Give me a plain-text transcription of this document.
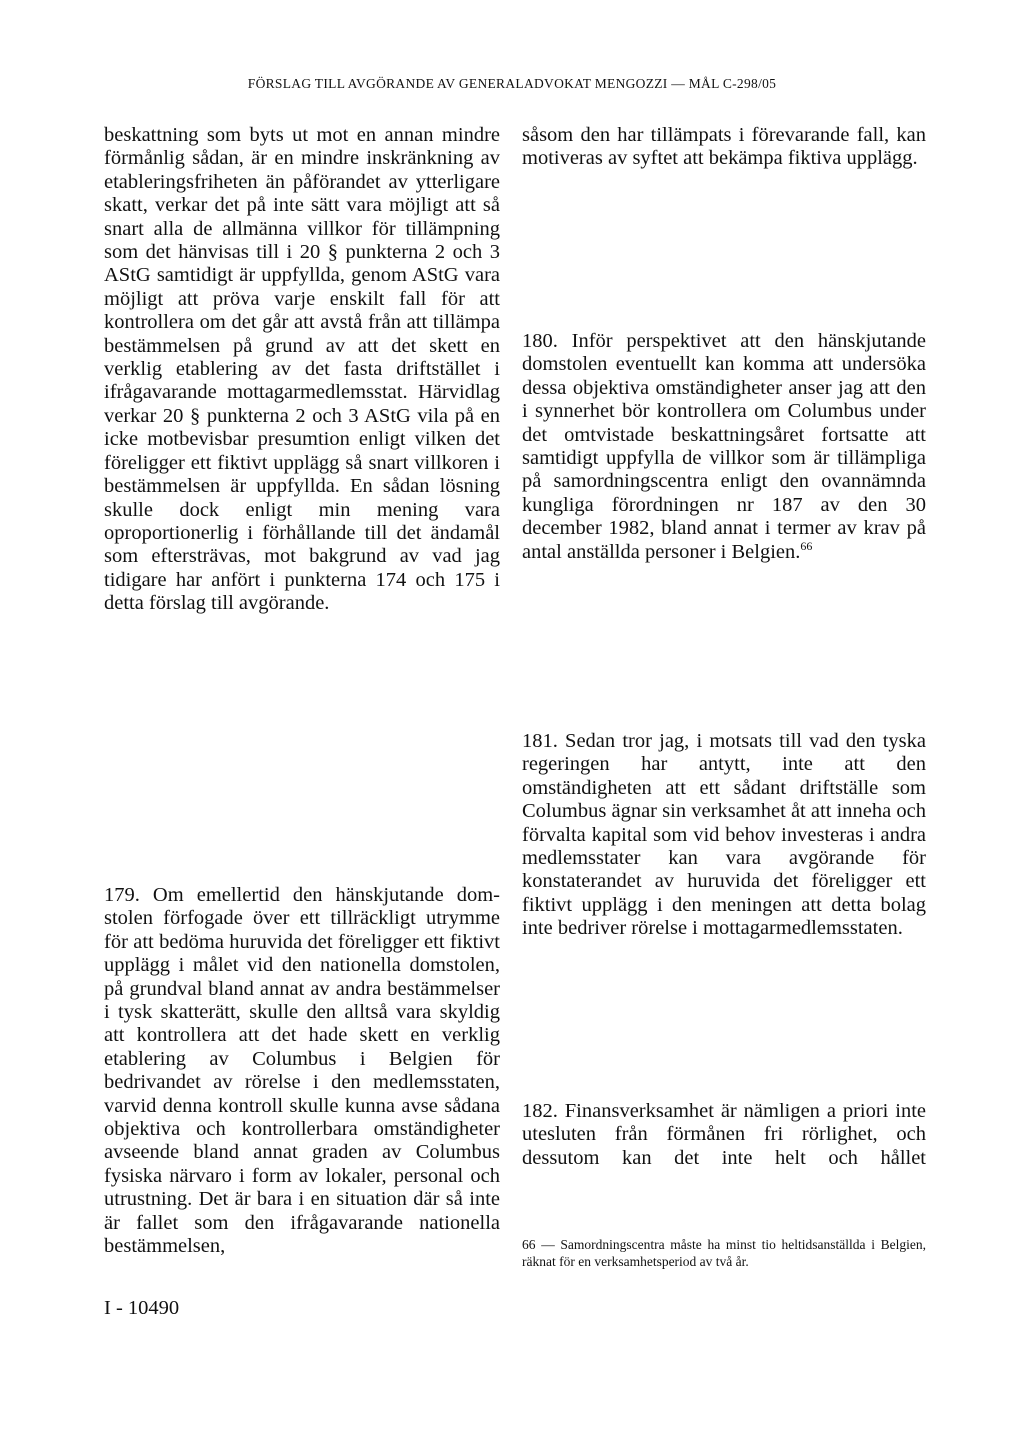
FÖRSLAG TILL AVGÖRANDE AV GENERALADVOKAT MENGOZZI — MÅL C-298/05
beskattning som byts ut mot en annan mindre förmånlig sådan, är en mindre inskränkning av etableringsfriheten än påförandet av ytterligare skatt, verkar det på inte sätt vara möjligt att så snart alla de allmänna villkor för tillämpning som det hänvisas till i 20 § punkterna 2 och 3 AStG samtidigt är uppfyllda, genom AStG vara möjligt att pröva varje enskilt fall för att kontrollera om det går att avstå från att tillämpa bestämmelsen på grund av att det skett en verklig etablering av det fasta driftstället i ifrågavarande mottagarmedlemsstat. Härvidlag verkar 20 § punkterna 2 och 3 AStG vila på en icke motbevisbar presumtion enligt vilken det föreligger ett fiktivt upplägg så snart villkoren i bestämmelsen är uppfyllda. En sådan lösning skulle dock enligt min mening vara oproportionerlig i förhållande till det ändamål som eftersträvas, mot bakgrund av vad jag tidigare har anfört i punkterna 174 och 175 i detta förslag till avgörande.
179. Om emellertid den hänskjutande domstolen förfogade över ett tillräckligt utrymme för att bedöma huruvida det föreligger ett fiktivt upplägg i målet vid den nationella domstolen, på grundval bland annat av andra bestämmelser i tysk skatterätt, skulle den alltså vara skyldig att kontrollera att det hade skett en verklig etablering av Columbus i Belgien för bedrivandet av rörelse i den medlemsstaten, varvid denna kontroll skulle kunna avse sådana objektiva och kontrollerbara omständigheter avseende bland annat graden av Columbus fysiska närvaro i form av lokaler, personal och utrustning. Det är bara i en situation där så inte är fallet som den ifrågavarande nationella bestämmelsen,
såsom den har tillämpats i förevarande fall, kan motiveras av syftet att bekämpa fiktiva upplägg.
180. Inför perspektivet att den hänskjutande domstolen eventuellt kan komma att undersöka dessa objektiva omständigheter anser jag att den i synnerhet bör kontrollera om Columbus under det omtvistade beskattningsåret fortsatte att samtidigt uppfylla de villkor som är tillämpliga på samordningscentra enligt den ovannämnda kungliga förordningen nr 187 av den 30 december 1982, bland annat i termer av krav på antal anställda personer i Belgien.$^{66}$
181. Sedan tror jag, i motsats till vad den tyska regeringen har antytt, inte att den omständigheten att ett sådant driftställe som Columbus ägnar sin verksamhet åt att inneha och förvalta kapital som vid behov investeras i andra medlemsstater kan vara avgörande för konstaterandet av huruvida det föreligger ett fiktivt upplägg i den meningen att detta bolag inte bedriver rörelse i mottagarmedlemsstaten.
182. Finansverksamhet är nämligen a priori inte utesluten från förmånen fri rörlighet, och dessutom kan det inte helt och hållet
66 — Samordningscentra måste ha minst tio heltidsanställda i Belgien, räknat för en verksamhetsperiod av två år.
I - 10490
